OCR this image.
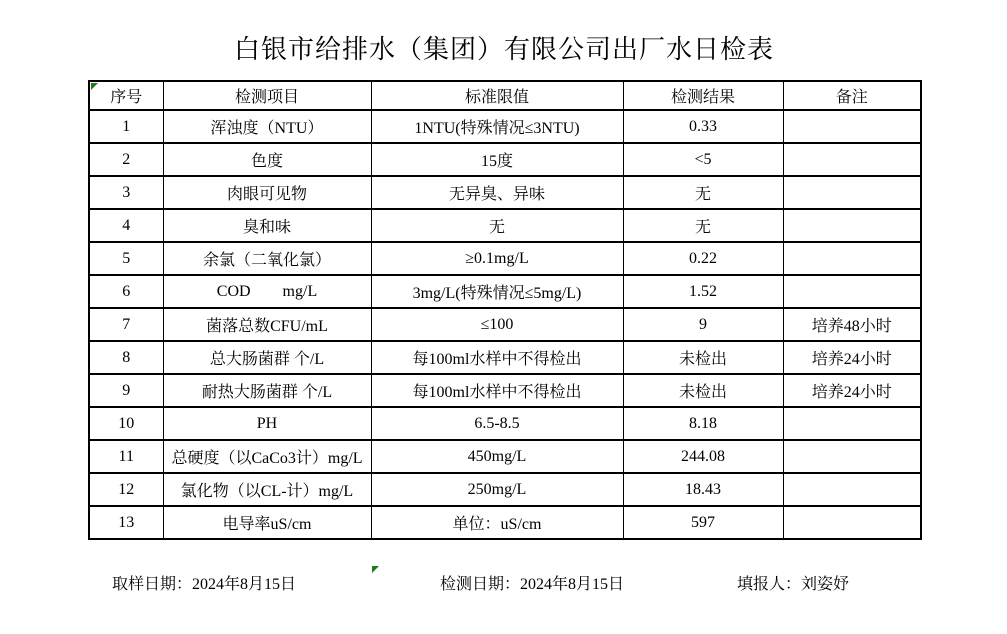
白银市给排水（集团）有限公司出厂水日检表
序号	检测项目	标准限值	检测结果	备注
1	浑浊度（NTU）	1NTU(特殊情况≤3NTU)	0.33	
2	色度	15度	<5	
3	肉眼可见物	无异臭、异味	无	
4	臭和味	无	无	
5	余氯（二氧化氯）	≥0.1mg/L	0.22	
6	COD        mg/L	3mg/L(特殊情况≤5mg/L)	1.52	
7	菌落总数CFU/mL	≤100	9	培养48小时
8	总大肠菌群 个/L	每100ml水样中不得检出	未检出	培养24小时
9	耐热大肠菌群 个/L	每100ml水样中不得检出	未检出	培养24小时
10	PH	6.5-8.5	8.18	
11	总硬度（以CaCo3计）mg/L	450mg/L	244.08	
12	氯化物（以CL-计）mg/L	250mg/L	18.43	
13	电导率uS/cm	单位：uS/cm	597	
取样日期：2024年8月15日	检测日期：2024年8月15日	填报人：刘姿妤
